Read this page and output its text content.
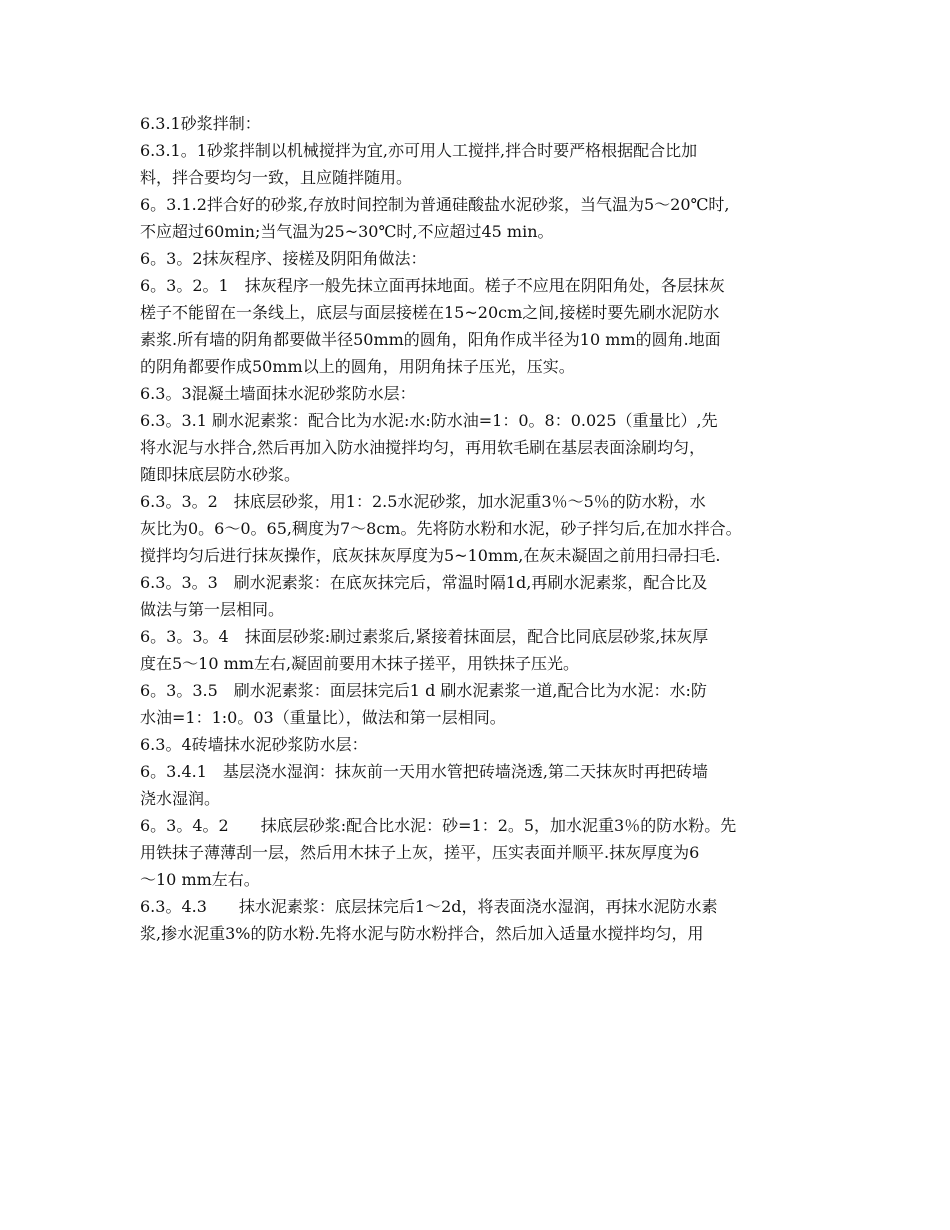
6.3.1砂浆拌制：
6.3.1。1砂浆拌制以机械搅拌为宜,亦可用人工搅拌,拌合时要严格根据配合比加
料，拌合要均匀一致，且应随拌随用。
6。3.1.2拌合好的砂浆,存放时间控制为普通硅酸盐水泥砂浆，当气温为5～20℃时,
不应超过60min;当气温为25~30℃时,不应超过45 min。
6。3。2抹灰程序、接槎及阴阳角做法：
6。3。2。1　抹灰程序一般先抹立面再抹地面。槎子不应甩在阴阳角处，各层抹灰
槎子不能留在一条线上，底层与面层接槎在15~20cm之间,接槎时要先刷水泥防水
素浆.所有墙的阴角都要做半径50mm的圆角，阳角作成半径为10 mm的圆角.地面
的阴角都要作成50mm以上的圆角，用阴角抹子压光，压实。
6.3。3混凝土墙面抹水泥砂浆防水层：
6.3。3.1 刷水泥素浆：配合比为水泥:水:防水油=1：0。8：0.025（重量比）,先
将水泥与水拌合,然后再加入防水油搅拌均匀，再用软毛刷在基层表面涂刷均匀，
随即抹底层防水砂浆。
6.3。3。2　抹底层砂浆，用1：2.5水泥砂浆，加水泥重3％～5％的防水粉，水
灰比为0。6～0。65,稠度为7～8cm。先将防水粉和水泥，砂子拌匀后,在加水拌合。
搅拌均匀后进行抹灰操作，底灰抹灰厚度为5~10mm,在灰未凝固之前用扫帚扫毛.
6.3。3。3　刷水泥素浆：在底灰抹完后，常温时隔1d,再刷水泥素浆，配合比及
做法与第一层相同。
6。3。3。4　抹面层砂浆:刷过素浆后,紧接着抹面层，配合比同底层砂浆,抹灰厚
度在5～10 mm左右,凝固前要用木抹子搓平，用铁抹子压光。
6。3。3.5　刷水泥素浆：面层抹完后1 d 刷水泥素浆一道,配合比为水泥：水:防
水油=1：1:0。03（重量比），做法和第一层相同。
6.3。4砖墙抹水泥砂浆防水层：
6。3.4.1　基层浇水湿润：抹灰前一天用水管把砖墙浇透,第二天抹灰时再把砖墙
浇水湿润。
6。3。4。2　　抹底层砂浆:配合比水泥：砂=1：2。5，加水泥重3％的防水粉。先
用铁抹子薄薄刮一层，然后用木抹子上灰，搓平，压实表面并顺平.抹灰厚度为6
～10 mm左右。
6.3。4.3　　抹水泥素浆：底层抹完后1～2d，将表面浇水湿润，再抹水泥防水素
浆,掺水泥重3%的防水粉.先将水泥与防水粉拌合，然后加入适量水搅拌均匀，用
